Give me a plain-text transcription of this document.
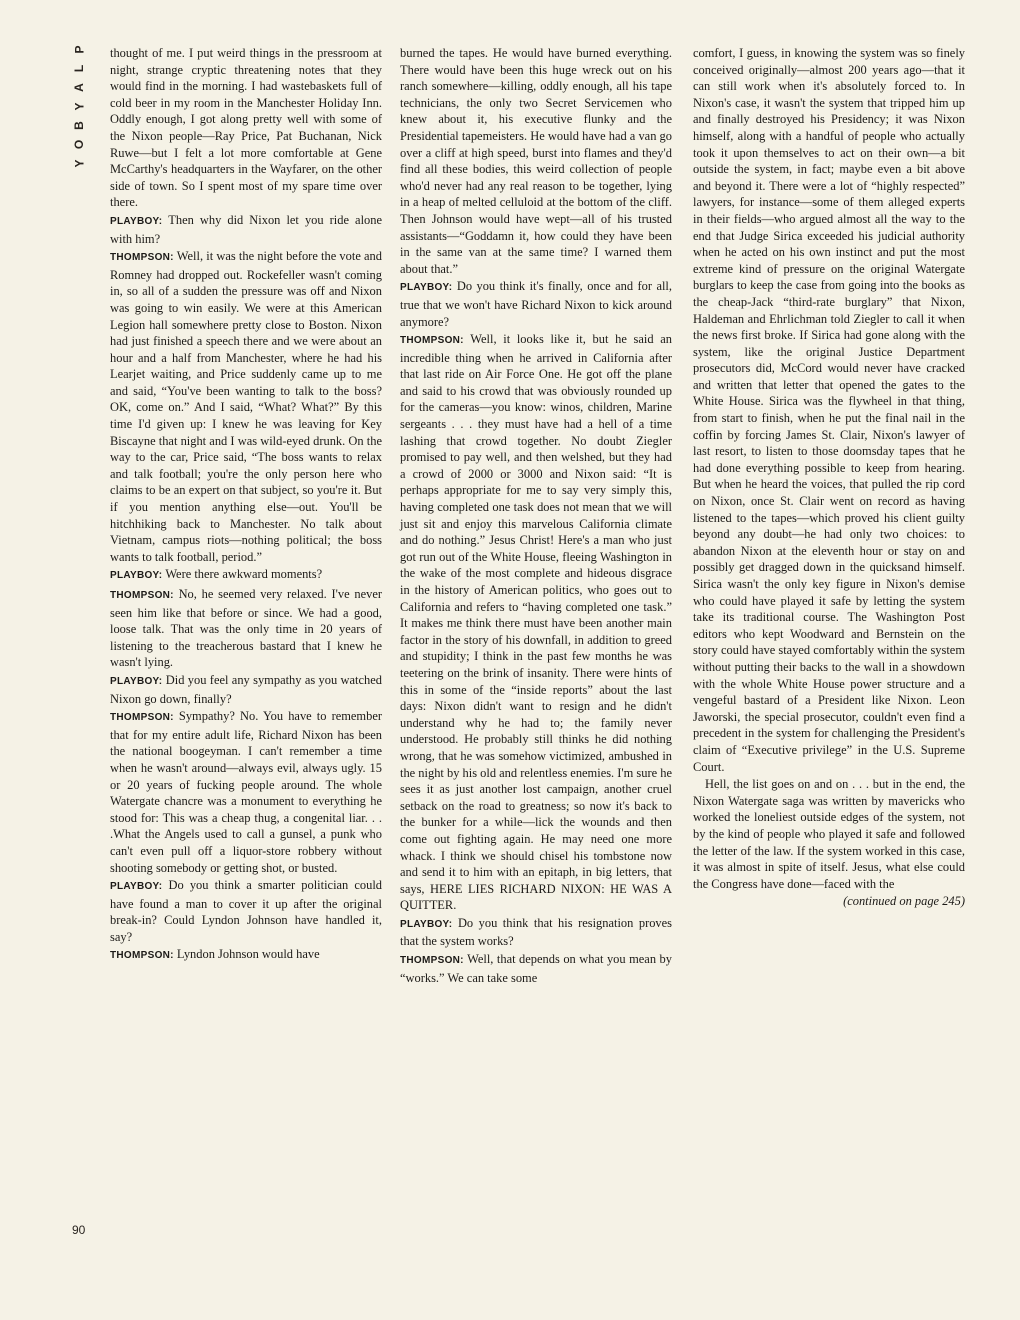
P
L
A
Y
B
O
Y
90

thought of me. I put weird things in the pressroom at night, strange cryptic threatening notes that they would find in the morning. I had wastebaskets full of cold beer in my room in the Manchester Holiday Inn. Oddly enough, I got along pretty well with some of the Nixon people—Ray Price, Pat Buchanan, Nick Ruwe—but I felt a lot more comfortable at Gene McCarthy's headquarters in the Wayfarer, on the other side of town. So I spent most of my spare time over there.

PLAYBOY: Then why did Nixon let you ride alone with him?

THOMPSON: Well, it was the night before the vote and Romney had dropped out. Rockefeller wasn't coming in, so all of a sudden the pressure was off and Nixon was going to win easily. We were at this American Legion hall somewhere pretty close to Boston. Nixon had just finished a speech there and we were about an hour and a half from Manchester, where he had his Learjet waiting, and Price suddenly came up to me and said, “You've been wanting to talk to the boss? OK, come on.” And I said, “What? What?” By this time I'd given up: I knew he was leaving for Key Biscayne that night and I was wild-eyed drunk. On the way to the car, Price said, “The boss wants to relax and talk football; you're the only person here who claims to be an expert on that subject, so you're it. But if you mention anything else—out. You'll be hitchhiking back to Manchester. No talk about Vietnam, campus riots—nothing political; the boss wants to talk football, period.”

PLAYBOY: Were there awkward moments?

THOMPSON: No, he seemed very relaxed. I've never seen him like that before or since. We had a good, loose talk. That was the only time in 20 years of listening to the treacherous bastard that I knew he wasn't lying.

PLAYBOY: Did you feel any sympathy as you watched Nixon go down, finally?

THOMPSON: Sympathy? No. You have to remember that for my entire adult life, Richard Nixon has been the national boogeyman. I can't remember a time when he wasn't around—always evil, always ugly. 15 or 20 years of fucking people around. The whole Watergate chancre was a monument to everything he stood for: This was a cheap thug, a congenital liar. . . .What the Angels used to call a gunsel, a punk who can't even pull off a liquor-store robbery without shooting somebody or getting shot, or busted.

PLAYBOY: Do you think a smarter politician could have found a man to cover it up after the original break-in? Could Lyndon Johnson have handled it, say?

THOMPSON: Lyndon Johnson would have

burned the tapes. He would have burned everything. There would have been this huge wreck out on his ranch somewhere—killing, oddly enough, all his tape technicians, the only two Secret Servicemen who knew about it, his executive flunky and the Presidential tapemeisters. He would have had a van go over a cliff at high speed, burst into flames and they'd find all these bodies, this weird collection of people who'd never had any real reason to be together, lying in a heap of melted celluloid at the bottom of the cliff. Then Johnson would have wept—all of his trusted assistants—“Goddamn it, how could they have been in the same van at the same time? I warned them about that.”

PLAYBOY: Do you think it's finally, once and for all, true that we won't have Richard Nixon to kick around anymore?

THOMPSON: Well, it looks like it, but he said an incredible thing when he arrived in California after that last ride on Air Force One. He got off the plane and said to his crowd that was obviously rounded up for the cameras—you know: winos, children, Marine sergeants . . . they must have had a hell of a time lashing that crowd together. No doubt Ziegler promised to pay well, and then welshed, but they had a crowd of 2000 or 3000 and Nixon said: “It is perhaps appropriate for me to say very simply this, having completed one task does not mean that we will just sit and enjoy this marvelous California climate and do nothing.” Jesus Christ! Here's a man who just got run out of the White House, fleeing Washington in the wake of the most complete and hideous disgrace in the history of American politics, who goes out to California and refers to “having completed one task.” It makes me think there must have been another main factor in the story of his downfall, in addition to greed and stupidity; I think in the past few months he was teetering on the brink of insanity. There were hints of this in some of the “inside reports” about the last days: Nixon didn't want to resign and he didn't understand why he had to; the family never understood. He probably still thinks he did nothing wrong, that he was somehow victimized, ambushed in the night by his old and relentless enemies. I'm sure he sees it as just another lost campaign, another cruel setback on the road to greatness; so now it's back to the bunker for a while—lick the wounds and then come out fighting again. He may need one more whack. I think we should chisel his tombstone now and send it to him with an epitaph, in big letters, that says, HERE LIES RICHARD NIXON: HE WAS A QUITTER.

PLAYBOY: Do you think that his resignation proves that the system works?

THOMPSON: Well, that depends on what you mean by “works.” We can take some

comfort, I guess, in knowing the system was so finely conceived originally—almost 200 years ago—that it can still work when it's absolutely forced to. In Nixon's case, it wasn't the system that tripped him up and finally destroyed his Presidency; it was Nixon himself, along with a handful of people who actually took it upon themselves to act on their own—a bit outside the system, in fact; maybe even a bit above and beyond it. There were a lot of “highly respected” lawyers, for instance—some of them alleged experts in their fields—who argued almost all the way to the end that Judge Sirica exceeded his judicial authority when he acted on his own instinct and put the most extreme kind of pressure on the original Watergate burglars to keep the case from going into the books as the cheap-Jack “third-rate burglary” that Nixon, Haldeman and Ehrlichman told Ziegler to call it when the news first broke. If Sirica had gone along with the system, like the original Justice Department prosecutors did, McCord would never have cracked and written that letter that opened the gates to the White House. Sirica was the flywheel in that thing, from start to finish, when he put the final nail in the coffin by forcing James St. Clair, Nixon's lawyer of last resort, to listen to those doomsday tapes that he had done everything possible to keep from hearing. But when he heard the voices, that pulled the rip cord on Nixon, once St. Clair went on record as having listened to the tapes—which proved his client guilty beyond any doubt—he had only two choices: to abandon Nixon at the eleventh hour or stay on and possibly get dragged down in the quicksand himself. Sirica wasn't the only key figure in Nixon's demise who could have played it safe by letting the system take its traditional course. The Washington Post editors who kept Woodward and Bernstein on the story could have stayed comfortably within the system without putting their backs to the wall in a showdown with the whole White House power structure and a vengeful bastard of a President like Nixon. Leon Jaworski, the special prosecutor, couldn't even find a precedent in the system for challenging the President's claim of “Executive privilege” in the U.S. Supreme Court.

Hell, the list goes on and on . . . but in the end, the Nixon Watergate saga was written by mavericks who worked the loneliest outside edges of the system, not by the kind of people who played it safe and followed the letter of the law. If the system worked in this case, it was almost in spite of itself. Jesus, what else could the Congress have done—faced with the

(continued on page 245)
